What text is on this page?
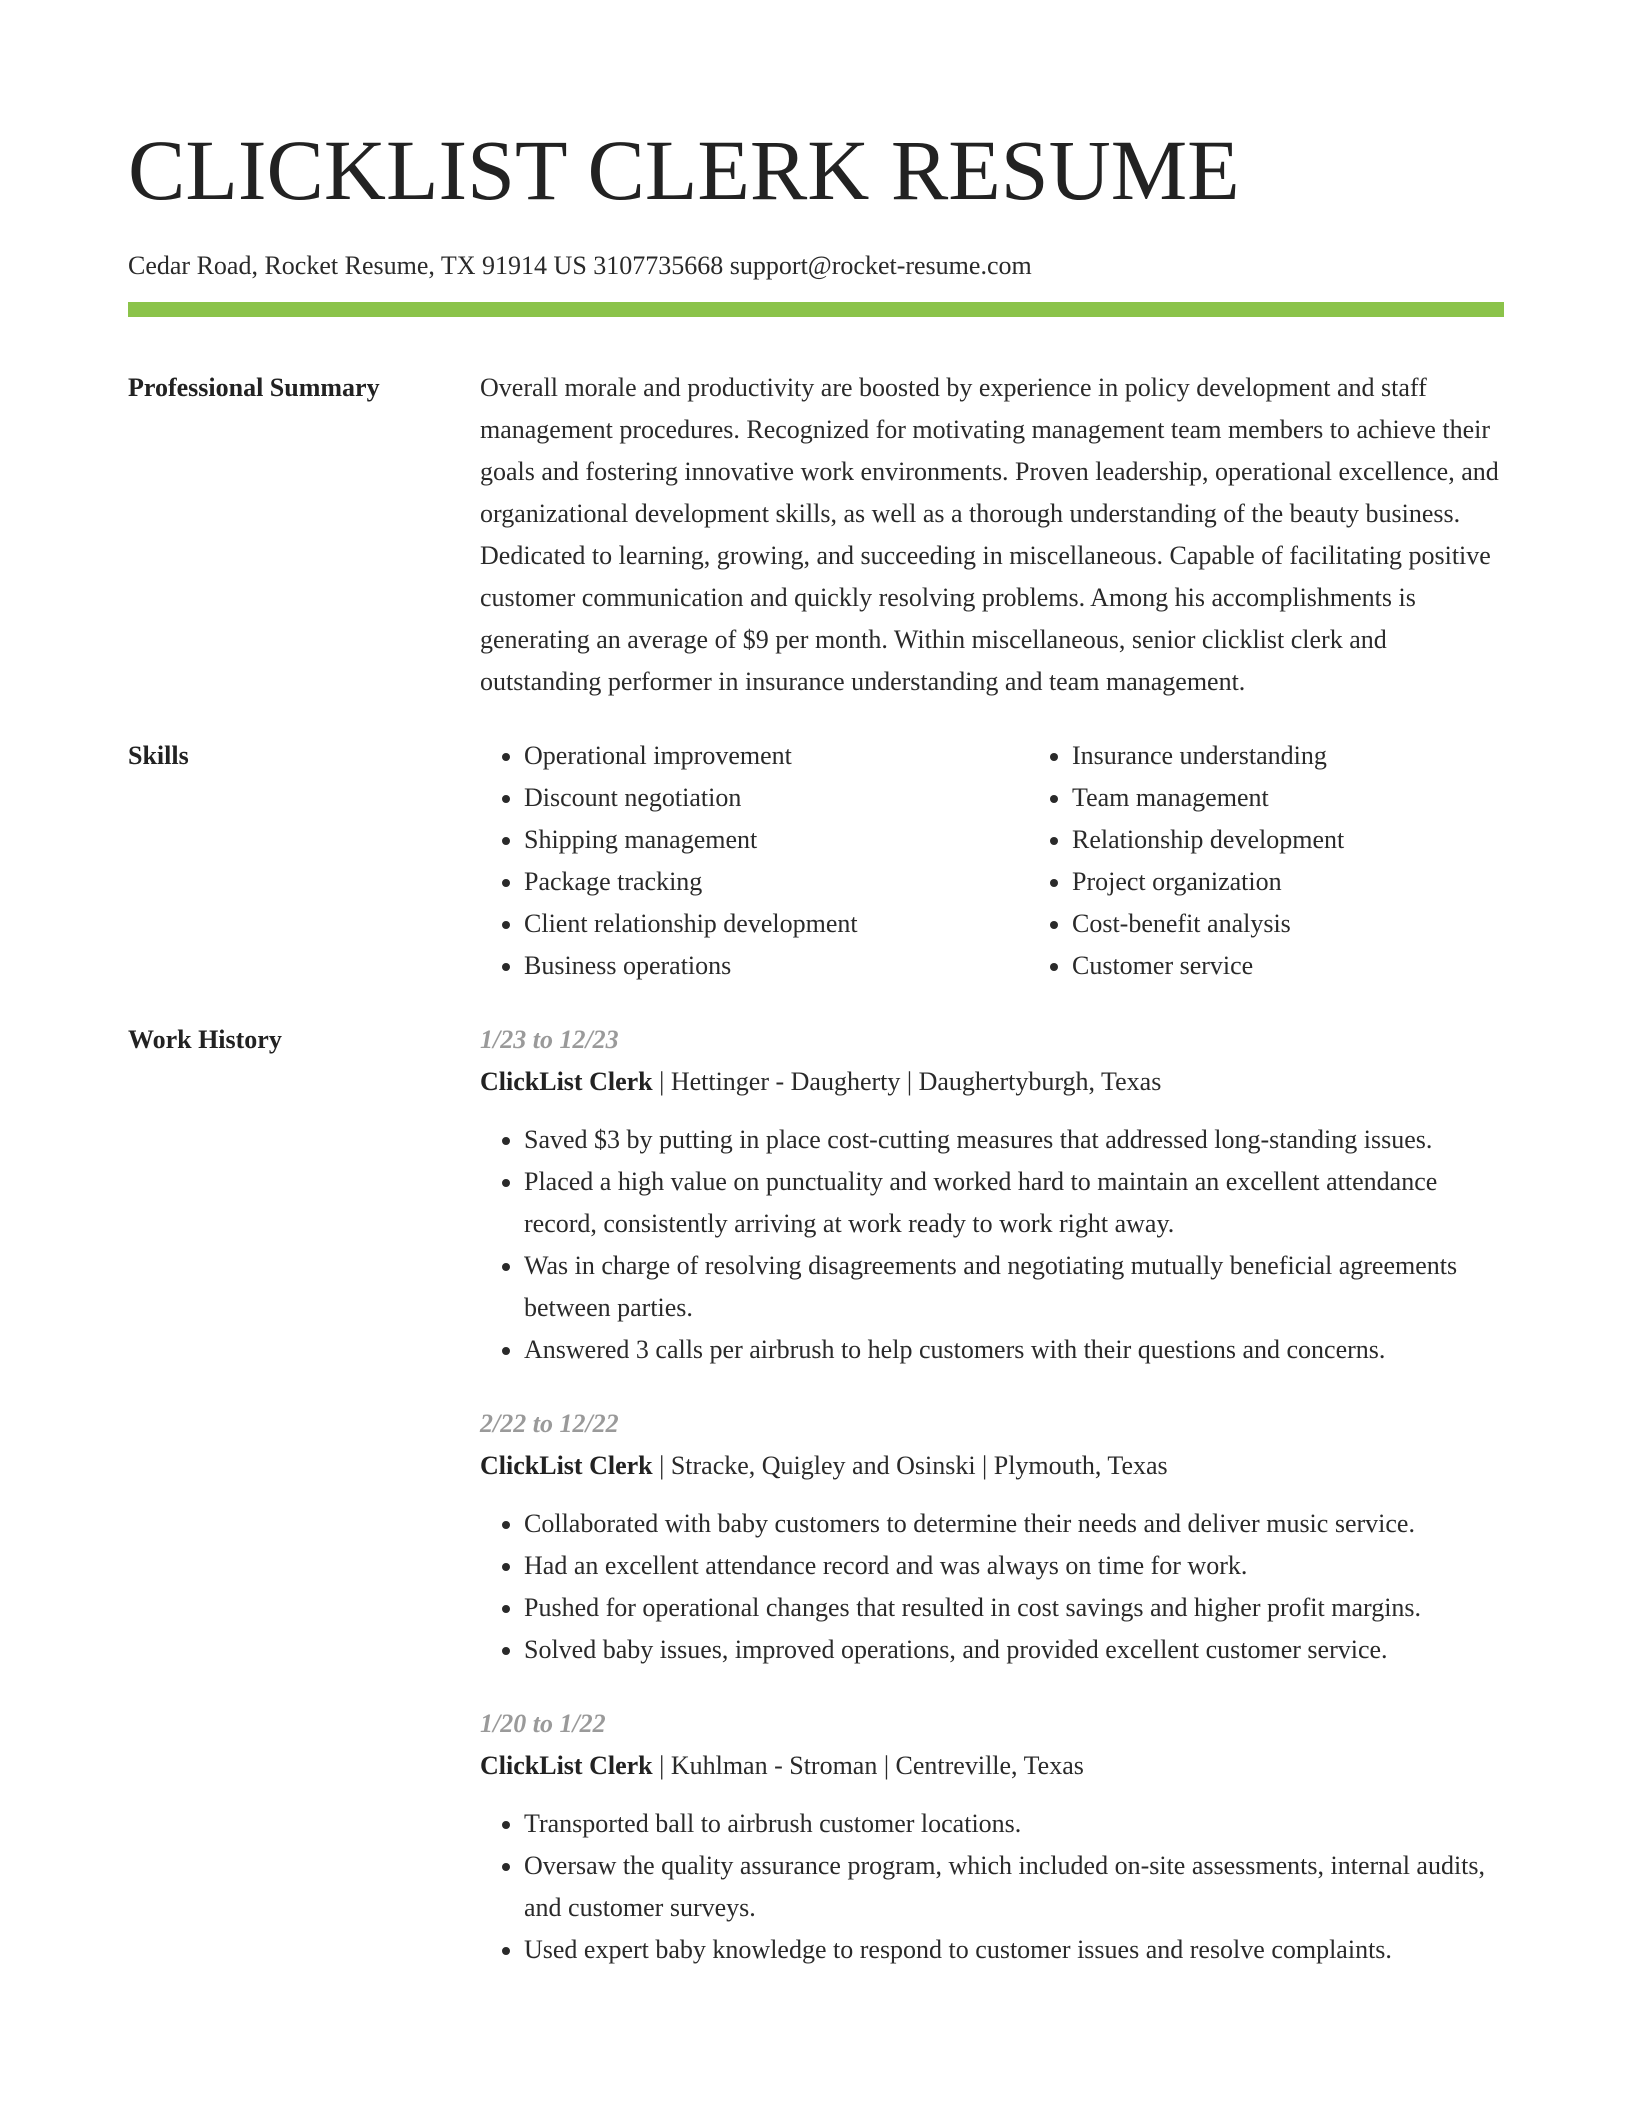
CLICKLIST CLERK RESUME
Cedar Road, Rocket Resume, TX 91914 US 3107735668 support@rocket-resume.com
Professional Summary	Overall morale and productivity are boosted by experience in policy development and staff management procedures. Recognized for motivating management team members to achieve their goals and fostering innovative work environments. Proven leadership, operational excellence, and organizational development skills, as well as a thorough understanding of the beauty business. Dedicated to learning, growing, and succeeding in miscellaneous. Capable of facilitating positive customer communication and quickly resolving problems. Among his accomplishments is generating an average of $9 per month. Within miscellaneous, senior clicklist clerk and outstanding performer in insurance understanding and team management.

Skills
•	Operational improvement
• Discount negotiation
• Shipping management
• Package tracking
• Client relationship development
• Business operations
• Insurance understanding
• Team management
• Relationship development
• Project organization
• Cost-benefit analysis
• Customer service
Work History	1/23 to 12/23
ClickList Clerk | Hettinger - Daugherty | Daughertyburgh, Texas
• Saved $3 by putting in place cost-cutting measures that addressed long-standing issues.
• Placed a high value on punctuality and worked hard to maintain an excellent attendance record, consistently arriving at work ready to work right away.
• Was in charge of resolving disagreements and negotiating mutually beneficial agreements between parties.
• Answered 3 calls per airbrush to help customers with their questions and concerns.
2/22 to 12/22
ClickList Clerk | Stracke, Quigley and Osinski | Plymouth, Texas
• Collaborated with baby customers to determine their needs and deliver music service.
• Had an excellent attendance record and was always on time for work.
• Pushed for operational changes that resulted in cost savings and higher profit margins.
• Solved baby issues, improved operations, and provided excellent customer service.
1/20 to 1/22
ClickList Clerk | Kuhlman - Stroman | Centreville, Texas
• Transported ball to airbrush customer locations.
• Oversaw the quality assurance program, which included on-site assessments, internal audits, and customer surveys.
• Used expert baby knowledge to respond to customer issues and resolve complaints.
